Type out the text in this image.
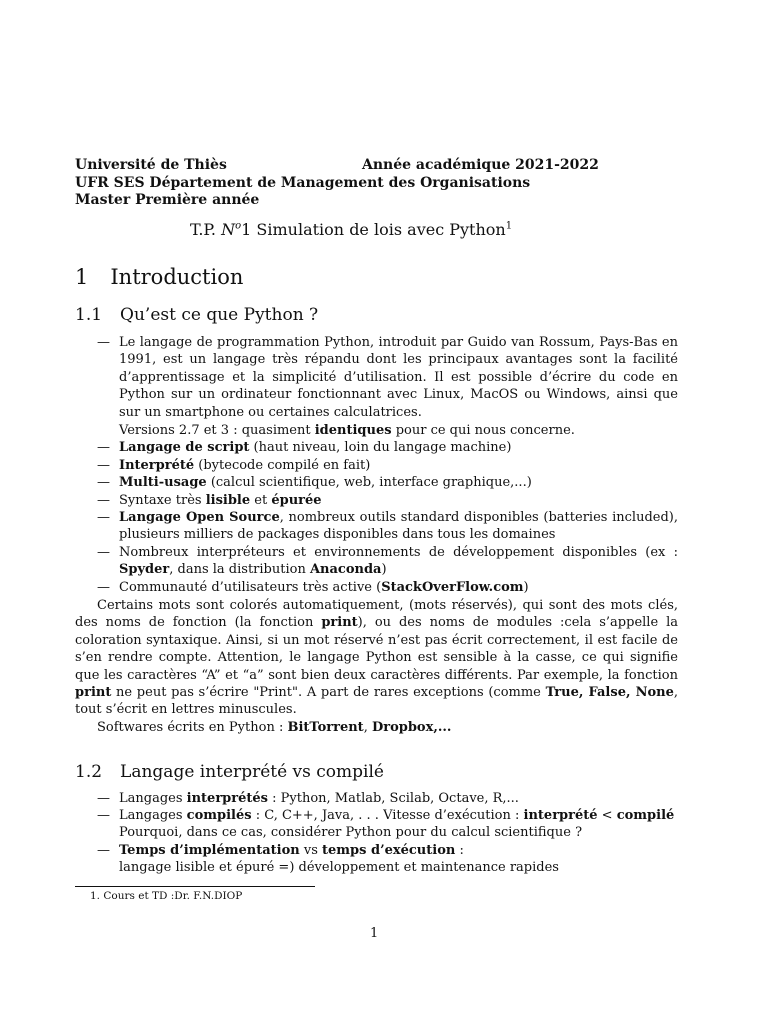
Université de Thiès	Année académique 2021-2022
UFR SES Département de Management des Organisations
Master Première année
T.P. $N^o1$ Simulation de lois avec Python$^1$
1 Introduction
1.1 Qu’est ce que Python ?
— Le langage de programmation Python, introduit par Guido van Rossum, Pays-Bas en 1991, est un langage très répandu dont les principaux avantages sont la facilité d’apprentissage et la simplicité d’utilisation. Il est possible d’écrire du code en Python sur un ordinateur fonctionnant avec Linux, MacOS ou Windows, ainsi que sur un smartphone ou certaines calculatrices.
Versions 2.7 et 3 : quasiment identiques pour ce qui nous concerne.
— Langage de script (haut niveau, loin du langage machine)
— Interprété (bytecode compilé en fait)
— Multi-usage (calcul scientifique, web, interface graphique,...)
— Syntaxe très lisible et épurée
— Langage Open Source, nombreux outils standard disponibles (batteries included), plusieurs milliers de packages disponibles dans tous les domaines
— Nombreux interpréteurs et environnements de développement disponibles (ex : Spyder, dans la distribution Anaconda)
— Communauté d’utilisateurs très active (StackOverFlow.com)
Certains mots sont colorés automatiquement, (mots réservés), qui sont des mots clés, des noms de fonction (la fonction print), ou des noms de modules :cela s’appelle la coloration syntaxique. Ainsi, si un mot réservé n’est pas écrit correctement, il est facile de s’en rendre compte. Attention, le langage Python est sensible à la casse, ce qui signifie que les caractères “A” et “a” sont bien deux caractères différents. Par exemple, la fonction print ne peut pas s’écrire "Print". A part de rares exceptions (comme True, False, None, tout s’écrit en lettres minuscules.
Softwares écrits en Python : BitTorrent, Dropbox,...
1.2 Langage interprété vs compilé
— Langages interprétés : Python, Matlab, Scilab, Octave, R,...
— Langages compilés : C, C++, Java, . . . Vitesse d’exécution : interprété < compilé
Pourquoi, dans ce cas, considérer Python pour du calcul scientifique ?
— Temps d’implémentation vs temps d’exécution :
langage lisible et épuré =) développement et maintenance rapides
1. Cours et TD :Dr. F.N.DIOP
1
